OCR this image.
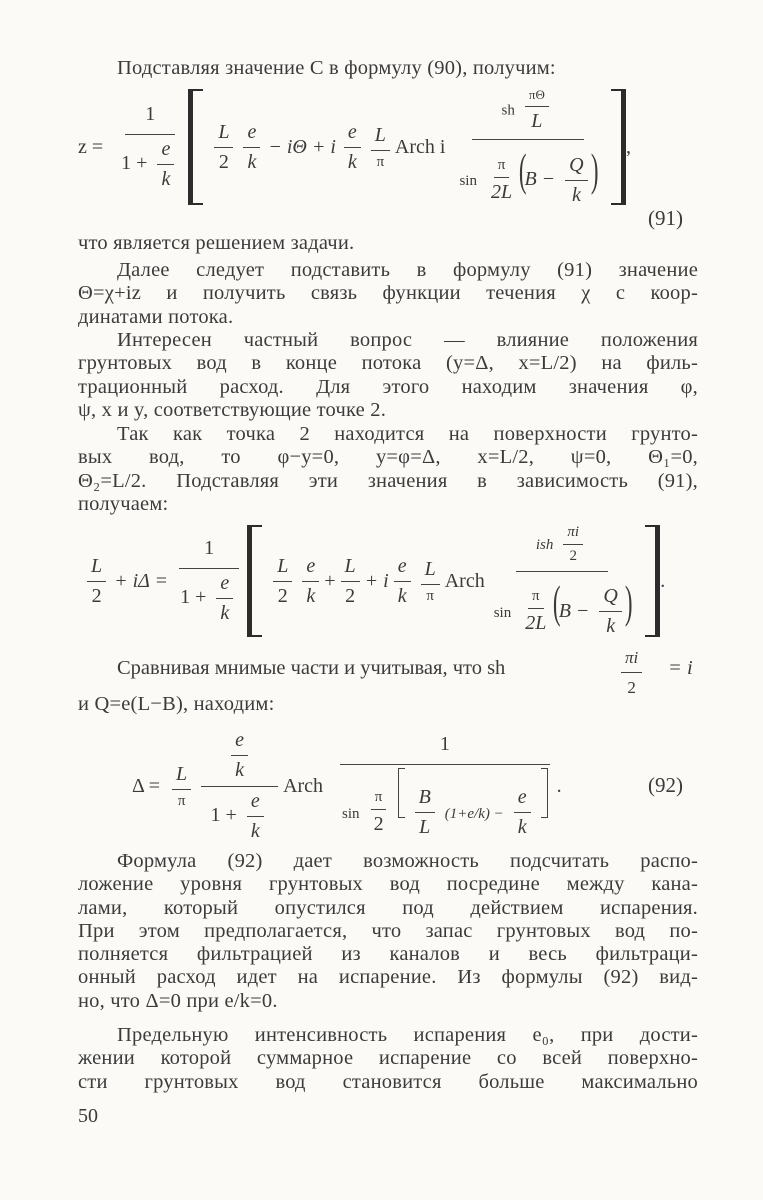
Подставляя значение C в формулу (90), получим:
$z = \frac{1}{1 + \frac{e}{k}} \frac{L}{2} \frac{e}{k} - i\Theta + i \frac{e}{k} \frac{L}{\pi}$ Arch i $\frac{sh \frac{\pi\Theta}{L}}{\sin \frac{\pi}{2L} (B - \frac{Q}{k} )}$ ,
(91)
что является решением задачи.
Далее следует подставить в формулу (91) значение
Θ=χ+iz и получить связь функции течения χ с коор-
динатами потока.
Интересен частный вопрос — влияние положения
грунтовых вод в конце потока (y=Δ, x=L/2) на филь-
трационный расход. Для этого находим значения φ,
ψ, x и y, соответствующие точке 2.
Так как точка 2 находится на поверхности грунто-
вых вод, то φ−y=0, y=φ=Δ, x=L/2, ψ=0, Θ₁=0,
Θ₂=L/2. Подставляя эти значения в зависимость (91),
получаем:
$\frac{L}{2} + i\Delta = \frac{1}{1 + \frac{e}{k}} \frac{L}{2} \frac{e}{k} + \frac{L}{2} + i \frac{e}{k} \frac{L}{\pi}$ Arch $\frac{ish \frac{\pi i}{2}}{\sin \frac{\pi}{2L} (B - \frac{Q}{k} )}$ .
Сравнивая мнимые части и учитывая, что sh	$\frac{\pi i}{2} = i$
и Q=e(L−B), находим:
$\Delta = \frac{L}{\pi} \frac{\frac{e}{k}}{1 + \frac{e}{k}}$ Arch 1
$\sin \frac{\pi}{2}$
$\frac{B}{L} (1+e/k) - \frac{e}{k}$
.	(92)
Формула (92) дает возможность подсчитать распо-
ложение уровня грунтовых вод посредине между кана-
лами, который опустился под действием испарения.
При этом предполагается, что запас грунтовых вод по-
полняется фильтрацией из каналов и весь фильтраци-
онный расход идет на испарение. Из формулы (92) вид-
но, что Δ=0 при e/k=0.
Предельную интенсивность испарения e₀, при дости-
жении которой суммарное испарение со всей поверхно-
сти грунтовых вод становится больше максимально
50
